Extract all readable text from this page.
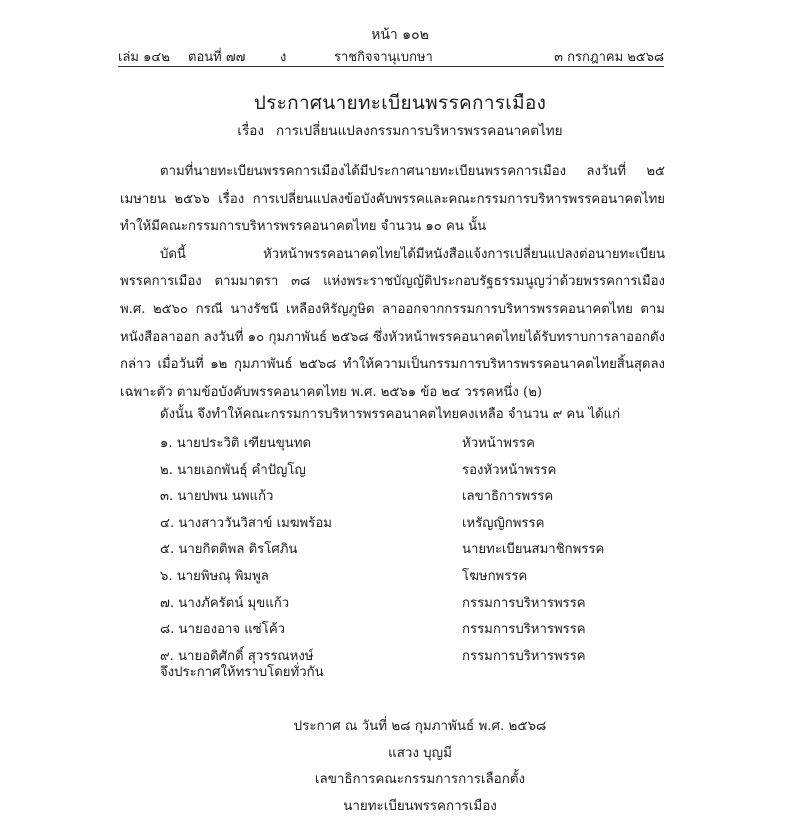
หน้า ๑๐๒
เล่ม ๑๔๒ ตอนที่ ๗๗	ง	ราชกิจจานุเบกษา	๓ กรกฎาคม ๒๕๖๘
ประกาศนายทะเบียนพรรคการเมือง
เรื่อง การเปลี่ยนแปลงกรรมการบริหารพรรคอนาคตไทย

ตามที่นายทะเบียนพรรคการเมืองได้มีประกาศนายทะเบียนพรรคการเมือง ลงวันที่ ๒๕ เมษายน ๒๕๖๖ เรื่อง การเปลี่ยนแปลงข้อบังคับพรรคและคณะกรรมการบริหารพรรคอนาคตไทย ทำให้มีคณะกรรมการบริหารพรรคอนาคตไทย จำนวน ๑๐ คน นั้น

บัดนี้ หัวหน้าพรรคอนาคตไทยได้มีหนังสือแจ้งการเปลี่ยนแปลงต่อนายทะเบียนพรรคการเมือง ตามมาตรา ๓๘ แห่งพระราชบัญญัติประกอบรัฐธรรมนูญว่าด้วยพรรคการเมือง พ.ศ. ๒๕๖๐ กรณี นางรัชนี เหลืองหิรัญภูษิต ลาออกจากกรรมการบริหารพรรคอนาคตไทย ตามหนังสือลาออก ลงวันที่ ๑๐ กุมภาพันธ์ ๒๕๖๘ ซึ่งหัวหน้าพรรคอนาคตไทยได้รับทราบการลาออกดังกล่าว เมื่อวันที่ ๑๒ กุมภาพันธ์ ๒๕๖๘ ทำให้ความเป็นกรรมการบริหารพรรคอนาคตไทยสิ้นสุดลงเฉพาะตัว ตามข้อบังคับพรรคอนาคตไทย พ.ศ. ๒๕๖๑ ข้อ ๒๔ วรรคหนึ่ง (๒)

ดังนั้น จึงทำให้คณะกรรมการบริหารพรรคอนาคตไทยคงเหลือ จำนวน ๙ คน ได้แก่
๑. นายประวิติ เฑียนขุนทด	หัวหน้าพรรค
๒. นายเอกพันธุ์ คำปัญโญ	รองหัวหน้าพรรค
๓. นายปพน นพแก้ว	เลขาธิการพรรค
๔. นางสาววันวิสาข์ เมฆพร้อม	เหรัญญิกพรรค
๕. นายกิตติพล ติรโศภิน	นายทะเบียนสมาชิกพรรค
๖. นายพิษณุ พิมพูล	โฆษกพรรค
๗. นางภัครัตน์ มุขแก้ว	กรรมการบริหารพรรค
๘. นายองอาจ แซ่โค้ว	กรรมการบริหารพรรค
๙. นายอดิศักดิ์ สุวรรณหงษ์	กรรมการบริหารพรรค
จึงประกาศให้ทราบโดยทั่วกัน
ประกาศ ณ วันที่ ๒๘ กุมภาพันธ์ พ.ศ. ๒๕๖๘
แสวง บุญมี
เลขาธิการคณะกรรมการการเลือกตั้ง
นายทะเบียนพรรคการเมือง
